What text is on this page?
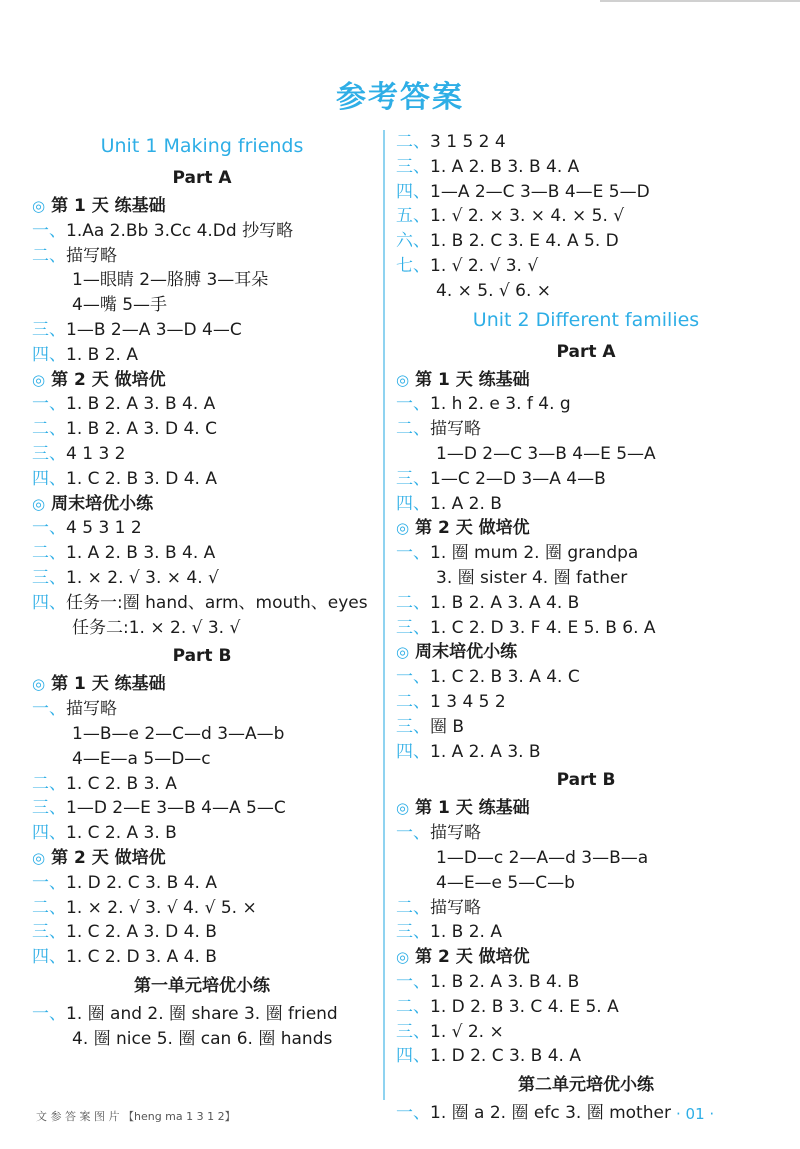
参考答案
Unit 1 Making friends
Part A
◎ 第 1 天 练基础
一、1.Aa 2.Bb 3.Cc 4.Dd 抄写略
二、描写略
1—眼睛 2—胳膊 3—耳朵
4—嘴 5—手
三、1—B 2—A 3—D 4—C
四、1. B 2. A
◎ 第 2 天 做培优
一、1. B 2. A 3. B 4. A
二、1. B 2. A 3. D 4. C
三、4 1 3 2
四、1. C 2. B 3. D 4. A
◎ 周末培优小练
一、4 5 3 1 2
二、1. A 2. B 3. B 4. A
三、1. × 2. √ 3. × 4. √
四、任务一:圈 hand、arm、mouth、eyes
任务二:1. × 2. √ 3. √
Part B
◎ 第 1 天 练基础
一、描写略
1—B—e 2—C—d 3—A—b
4—E—a 5—D—c
二、1. C 2. B 3. A
三、1—D 2—E 3—B 4—A 5—C
四、1. C 2. A 3. B
◎ 第 2 天 做培优
一、1. D 2. C 3. B 4. A
二、1. × 2. √ 3. √ 4. √ 5. ×
三、1. C 2. A 3. D 4. B
四、1. C 2. D 3. A 4. B
第一单元培优小练
一、1. 圈 and 2. 圈 share 3. 圈 friend
4. 圈 nice 5. 圈 can 6. 圈 hands
二、3 1 5 2 4
三、1. A 2. B 3. B 4. A
四、1—A 2—C 3—B 4—E 5—D
五、1. √ 2. × 3. × 4. × 5. √
六、1. B 2. C 3. E 4. A 5. D
七、1. √ 2. √ 3. √
4. × 5. √ 6. ×
Unit 2 Different families
Part A
◎ 第 1 天 练基础
一、1. h 2. e 3. f 4. g
二、描写略
1—D 2—C 3—B 4—E 5—A
三、1—C 2—D 3—A 4—B
四、1. A 2. B
◎ 第 2 天 做培优
一、1. 圈 mum 2. 圈 grandpa
3. 圈 sister 4. 圈 father
二、1. B 2. A 3. A 4. B
三、1. C 2. D 3. F 4. E 5. B 6. A
◎ 周末培优小练
一、1. C 2. B 3. A 4. C
二、1 3 4 5 2
三、圈 B
四、1. A 2. A 3. B
Part B
◎ 第 1 天 练基础
一、描写略
1—D—c 2—A—d 3—B—a
4—E—e 5—C—b
二、描写略
三、1. B 2. A
◎ 第 2 天 做培优
一、1. B 2. A 3. B 4. B
二、1. D 2. B 3. C 4. E 5. A
三、1. √ 2. ×
四、1. D 2. C 3. B 4. A
第二单元培优小练
一、1. 圈 a 2. 圈 efc 3. 圈 mother
文 参 答 案 图 片 【heng ma 1 3 1 2】	· 01 ·
